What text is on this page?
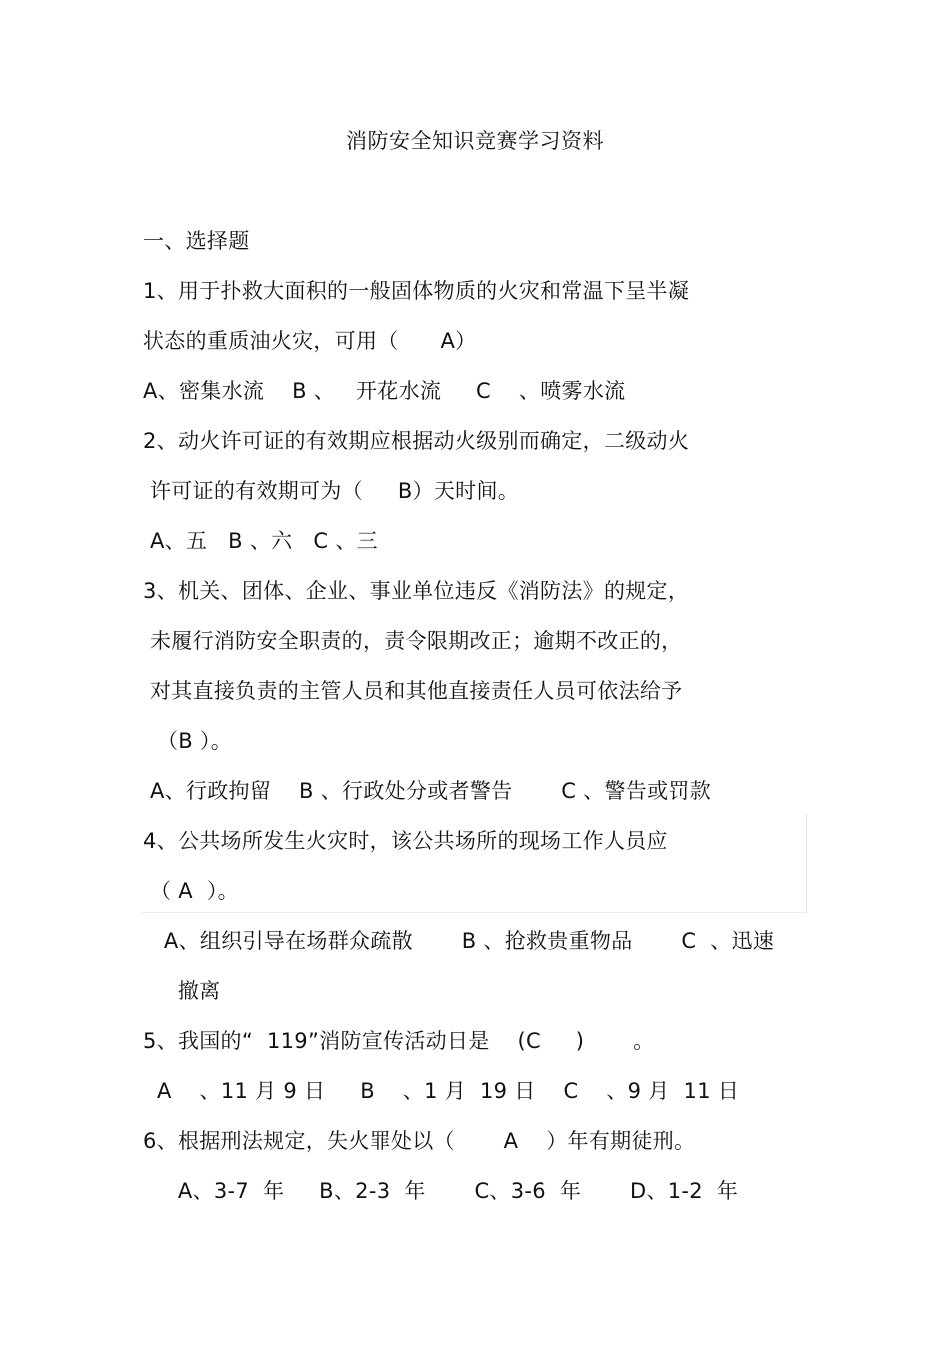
消防安全知识竞赛学习资料
一、选择题
1、用于扑救大面积的一般固体物质的火灾和常温下呈半凝
状态的重质油火灾，可用（      A）
A、密集水流    B 、   开花水流     C    、喷雾水流
2、动火许可证的有效期应根据动火级别而确定，二级动火
许可证的有效期可为（     B）天时间。
A、五   B 、六   C 、三
3、机关、团体、企业、事业单位违反《消防法》的规定，
未履行消防安全职责的，责令限期改正；逾期不改正的，
对其直接负责的主管人员和其他直接责任人员可依法给予
（B ）。
A、行政拘留    B 、行政处分或者警告       C 、警告或罚款
4、公共场所发生火灾时，该公共场所的现场工作人员应
（ A  ）。
A、组织引导在场群众疏散       B 、抢救贵重物品       C  、迅速
撤离
5、我国的“  119”消防宣传活动日是    (C     )       。
A    、11 月 9 日     B    、1 月  19 日    C    、9 月  11 日
6、根据刑法规定，失火罪处以（       A    ）年有期徒刑。
A、3-7  年     B、2-3  年       C、3-6  年       D、1-2  年
